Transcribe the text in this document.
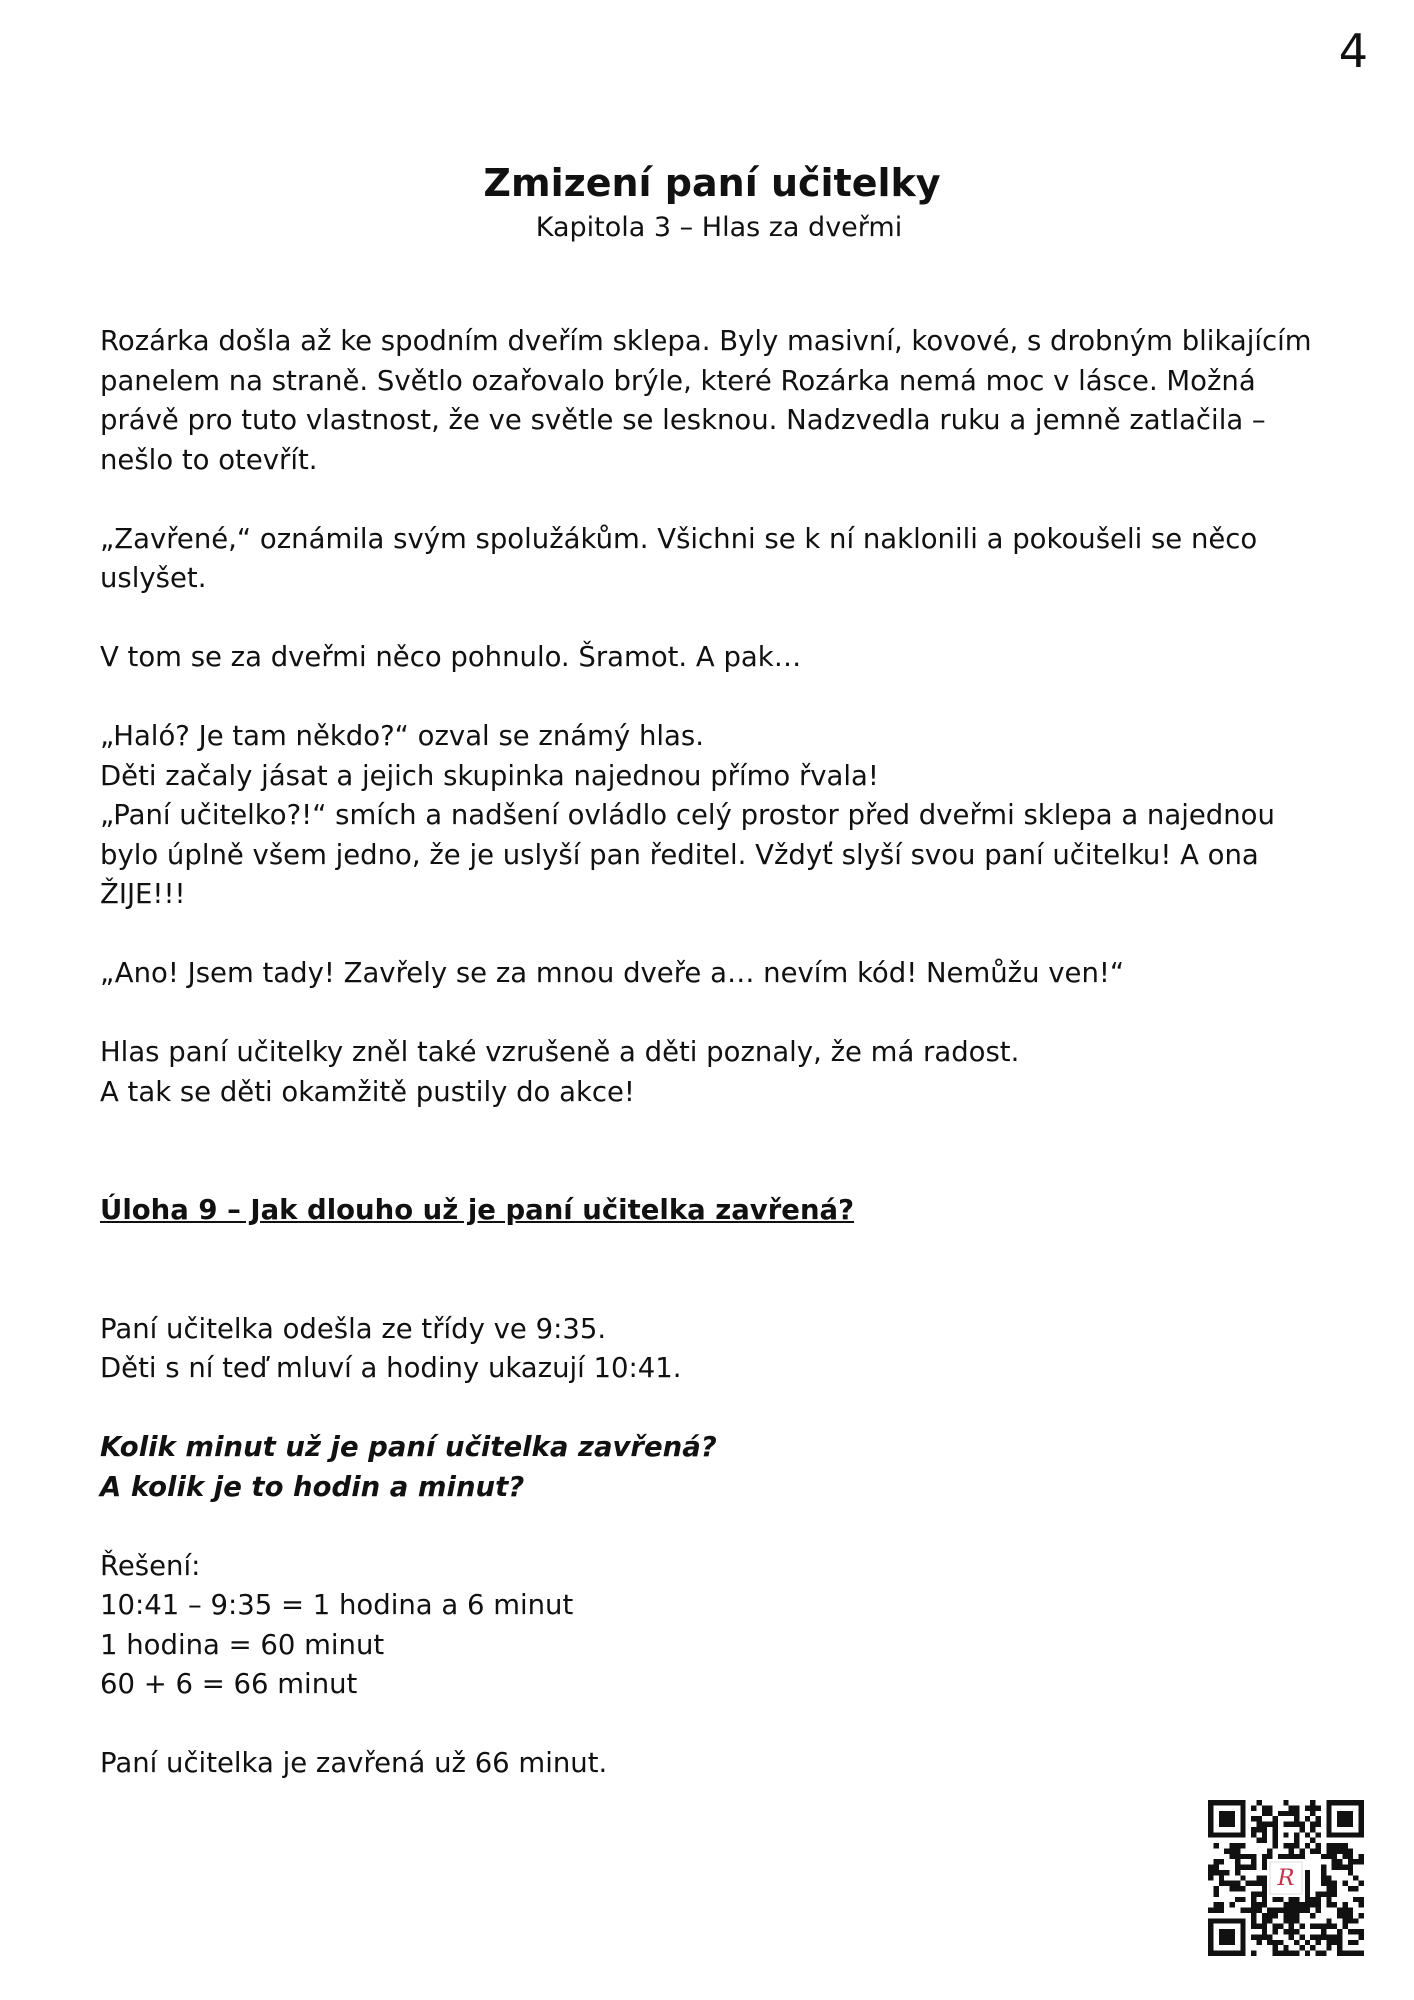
4

Zmizení paní učitelky

Kapitola 3 – Hlas za dveřmi

Rozárka došla až ke spodním dveřím sklepa. Byly masivní, kovové, s drobným blikajícím panelem na straně. Světlo ozařovalo brýle, které Rozárka nemá moc v lásce. Možná právě pro tuto vlastnost, že ve světle se lesknou. Nadzvedla ruku a jemně zatlačila – nešlo to otevřít.

„Zavřené,“ oznámila svým spolužákům. Všichni se k ní naklonili a pokoušeli se něco uslyšet.

V tom se za dveřmi něco pohnulo. Šramot. A pak…

„Haló? Je tam někdo?“ ozval se známý hlas.

Děti začaly jásat a jejich skupinka najednou přímo řvala!

„Paní učitelko?!“ smích a nadšení ovládlo celý prostor před dveřmi sklepa a najednou bylo úplně všem jedno, že je uslyší pan ředitel. Vždyť slyší svou paní učitelku! A ona ŽIJE!!!

„Ano! Jsem tady! Zavřely se za mnou dveře a… nevím kód! Nemůžu ven!“

Hlas paní učitelky zněl také vzrušeně a děti poznaly, že má radost.

A tak se děti okamžitě pustily do akce!

Úloha 9 – Jak dlouho už je paní učitelka zavřená?

Paní učitelka odešla ze třídy ve 9:35.

Děti s ní teď mluví a hodiny ukazují 10:41.

Kolik minut už je paní učitelka zavřená?

A kolik je to hodin a minut?

Řešení:

10:41 – 9:35 = 1 hodina a 6 minut

1 hodina = 60 minut

60 + 6 = 66 minut

Paní učitelka je zavřená už 66 minut.

R
